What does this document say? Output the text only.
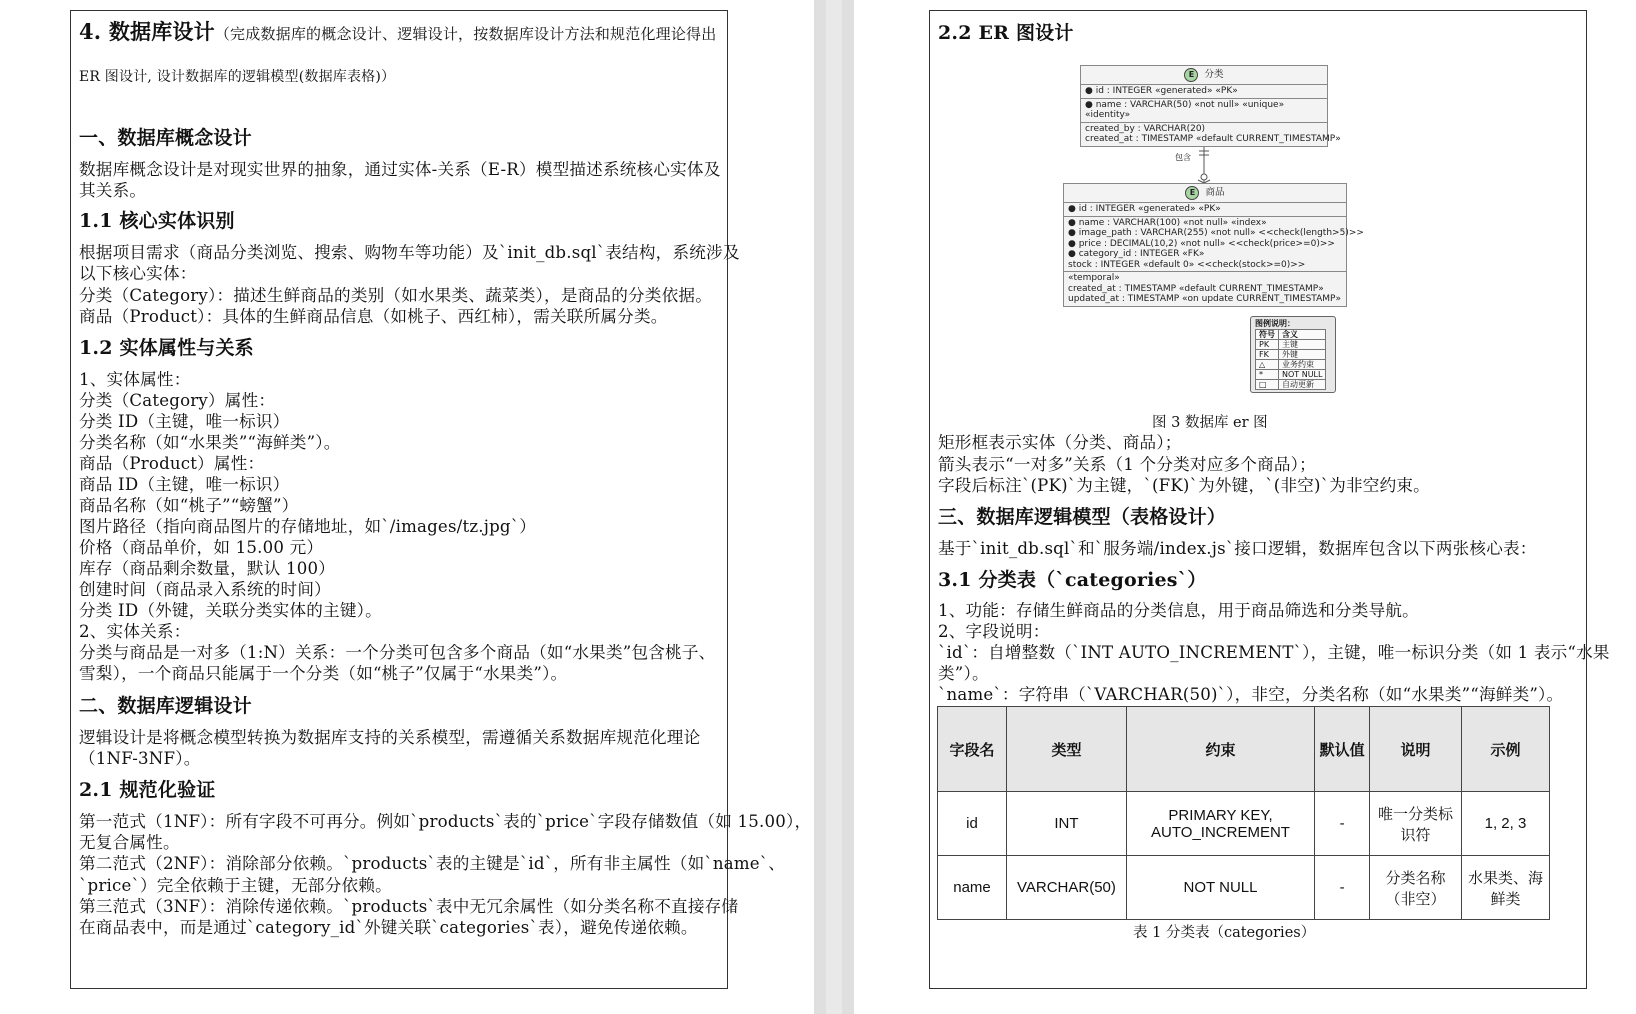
4. 数据库设计（完成数据库的概念设计、逻辑设计，按数据库设计方法和规范化理论得出
ER 图设计, 设计数据库的逻辑模型(数据库表格)）
一、数据库概念设计
数据库概念设计是对现实世界的抽象，通过实体-关系（E-R）模型描述系统核心实体及
其关系。
1.1 核心实体识别
根据项目需求（商品分类浏览、搜索、购物车等功能）及`init_db.sql`表结构，系统涉及
以下核心实体：
分类（Category）：描述生鲜商品的类别（如水果类、蔬菜类），是商品的分类依据。
商品（Product）：具体的生鲜商品信息（如桃子、西红柿），需关联所属分类。
1.2 实体属性与关系
二、数据库逻辑设计
逻辑设计是将概念模型转换为数据库支持的关系模型，需遵循关系数据库规范化理论
（1NF-3NF）。
2.1 规范化验证
1、实体属性：
分类（Category）属性：
分类 ID（主键，唯一标识）
分类名称（如“水果类”“海鲜类”）。
商品（Product）属性：
商品 ID（主键，唯一标识）
商品名称（如“桃子”“螃蟹”）
图片路径（指向商品图片的存储地址，如`/images/tz.jpg`）
价格（商品单价，如 15.00 元）
库存（商品剩余数量，默认 100）
创建时间（商品录入系统的时间）
分类 ID（外键，关联分类实体的主键）。
2、实体关系：
分类与商品是一对多（1:N）关系：一个分类可包含多个商品（如“水果类”包含桃子、
雪梨），一个商品只能属于一个分类（如“桃子”仅属于“水果类”）。
第一范式（1NF）：所有字段不可再分。例如`products`表的`price`字段存储数值（如 15.00），
无复合属性。
第二范式（2NF）：消除部分依赖。`products`表的主键是`id`，所有非主属性（如`name`、
`price`）完全依赖于主键，无部分依赖。
第三范式（3NF）：消除传递依赖。`products`表中无冗余属性（如分类名称不直接存储
在商品表中，而是通过`category_id`外键关联`categories`表），避免传递依赖。
2.2 ER 图设计
E 分类
● id : INTEGER «generated» «PK»
● name : VARCHAR(50) «not null» «unique»
«identity»
created_by : VARCHAR(20)
created_at : TIMESTAMP «default CURRENT_TIMESTAMP»
包含
E 商品
● id : INTEGER «generated» «PK»
● name : VARCHAR(100) «not null» «index»
● image_path : VARCHAR(255) «not null» <<check(length>5)>>
● price : DECIMAL(10,2) «not null» <<check(price>=0)>>
● category_id : INTEGER «FK»
stock : INTEGER «default 0» <<check(stock>=0)>>
«temporal»
created_at : TIMESTAMP «default CURRENT_TIMESTAMP»
updated_at : TIMESTAMP «on update CURRENT_TIMESTAMP»
图例说明：
符号	含义
PK	主键
FK	外键
△	业务约束
*	NOT NULL
□	自动更新
图 3 数据库 er 图
三、数据库逻辑模型（表格设计）
基于`init_db.sql`和`服务端/index.js`接口逻辑，数据库包含以下两张核心表：
3.1 分类表（`categories`）
字段名	类型	约束	默认值	说明	示例
id	INT	PRIMARY KEY, AUTO_INCREMENT	-	唯一分类标识符	1, 2, 3
name	VARCHAR(50)	NOT NULL	-	分类名称（非空）	水果类、海鲜类
表 1 分类表（categories）
矩形框表示实体（分类、商品）；
箭头表示“一对多”关系（1 个分类对应多个商品）；
字段后标注`(PK)`为主键，`(FK)`为外键，`(非空)`为非空约束。
1、功能：存储生鲜商品的分类信息，用于商品筛选和分类导航。
2、字段说明：
`id`：自增整数（`INT AUTO_INCREMENT`），主键，唯一标识分类（如 1 表示“水果
类”）。
`name`：字符串（`VARCHAR(50)`），非空，分类名称（如“水果类”“海鲜类”）。
